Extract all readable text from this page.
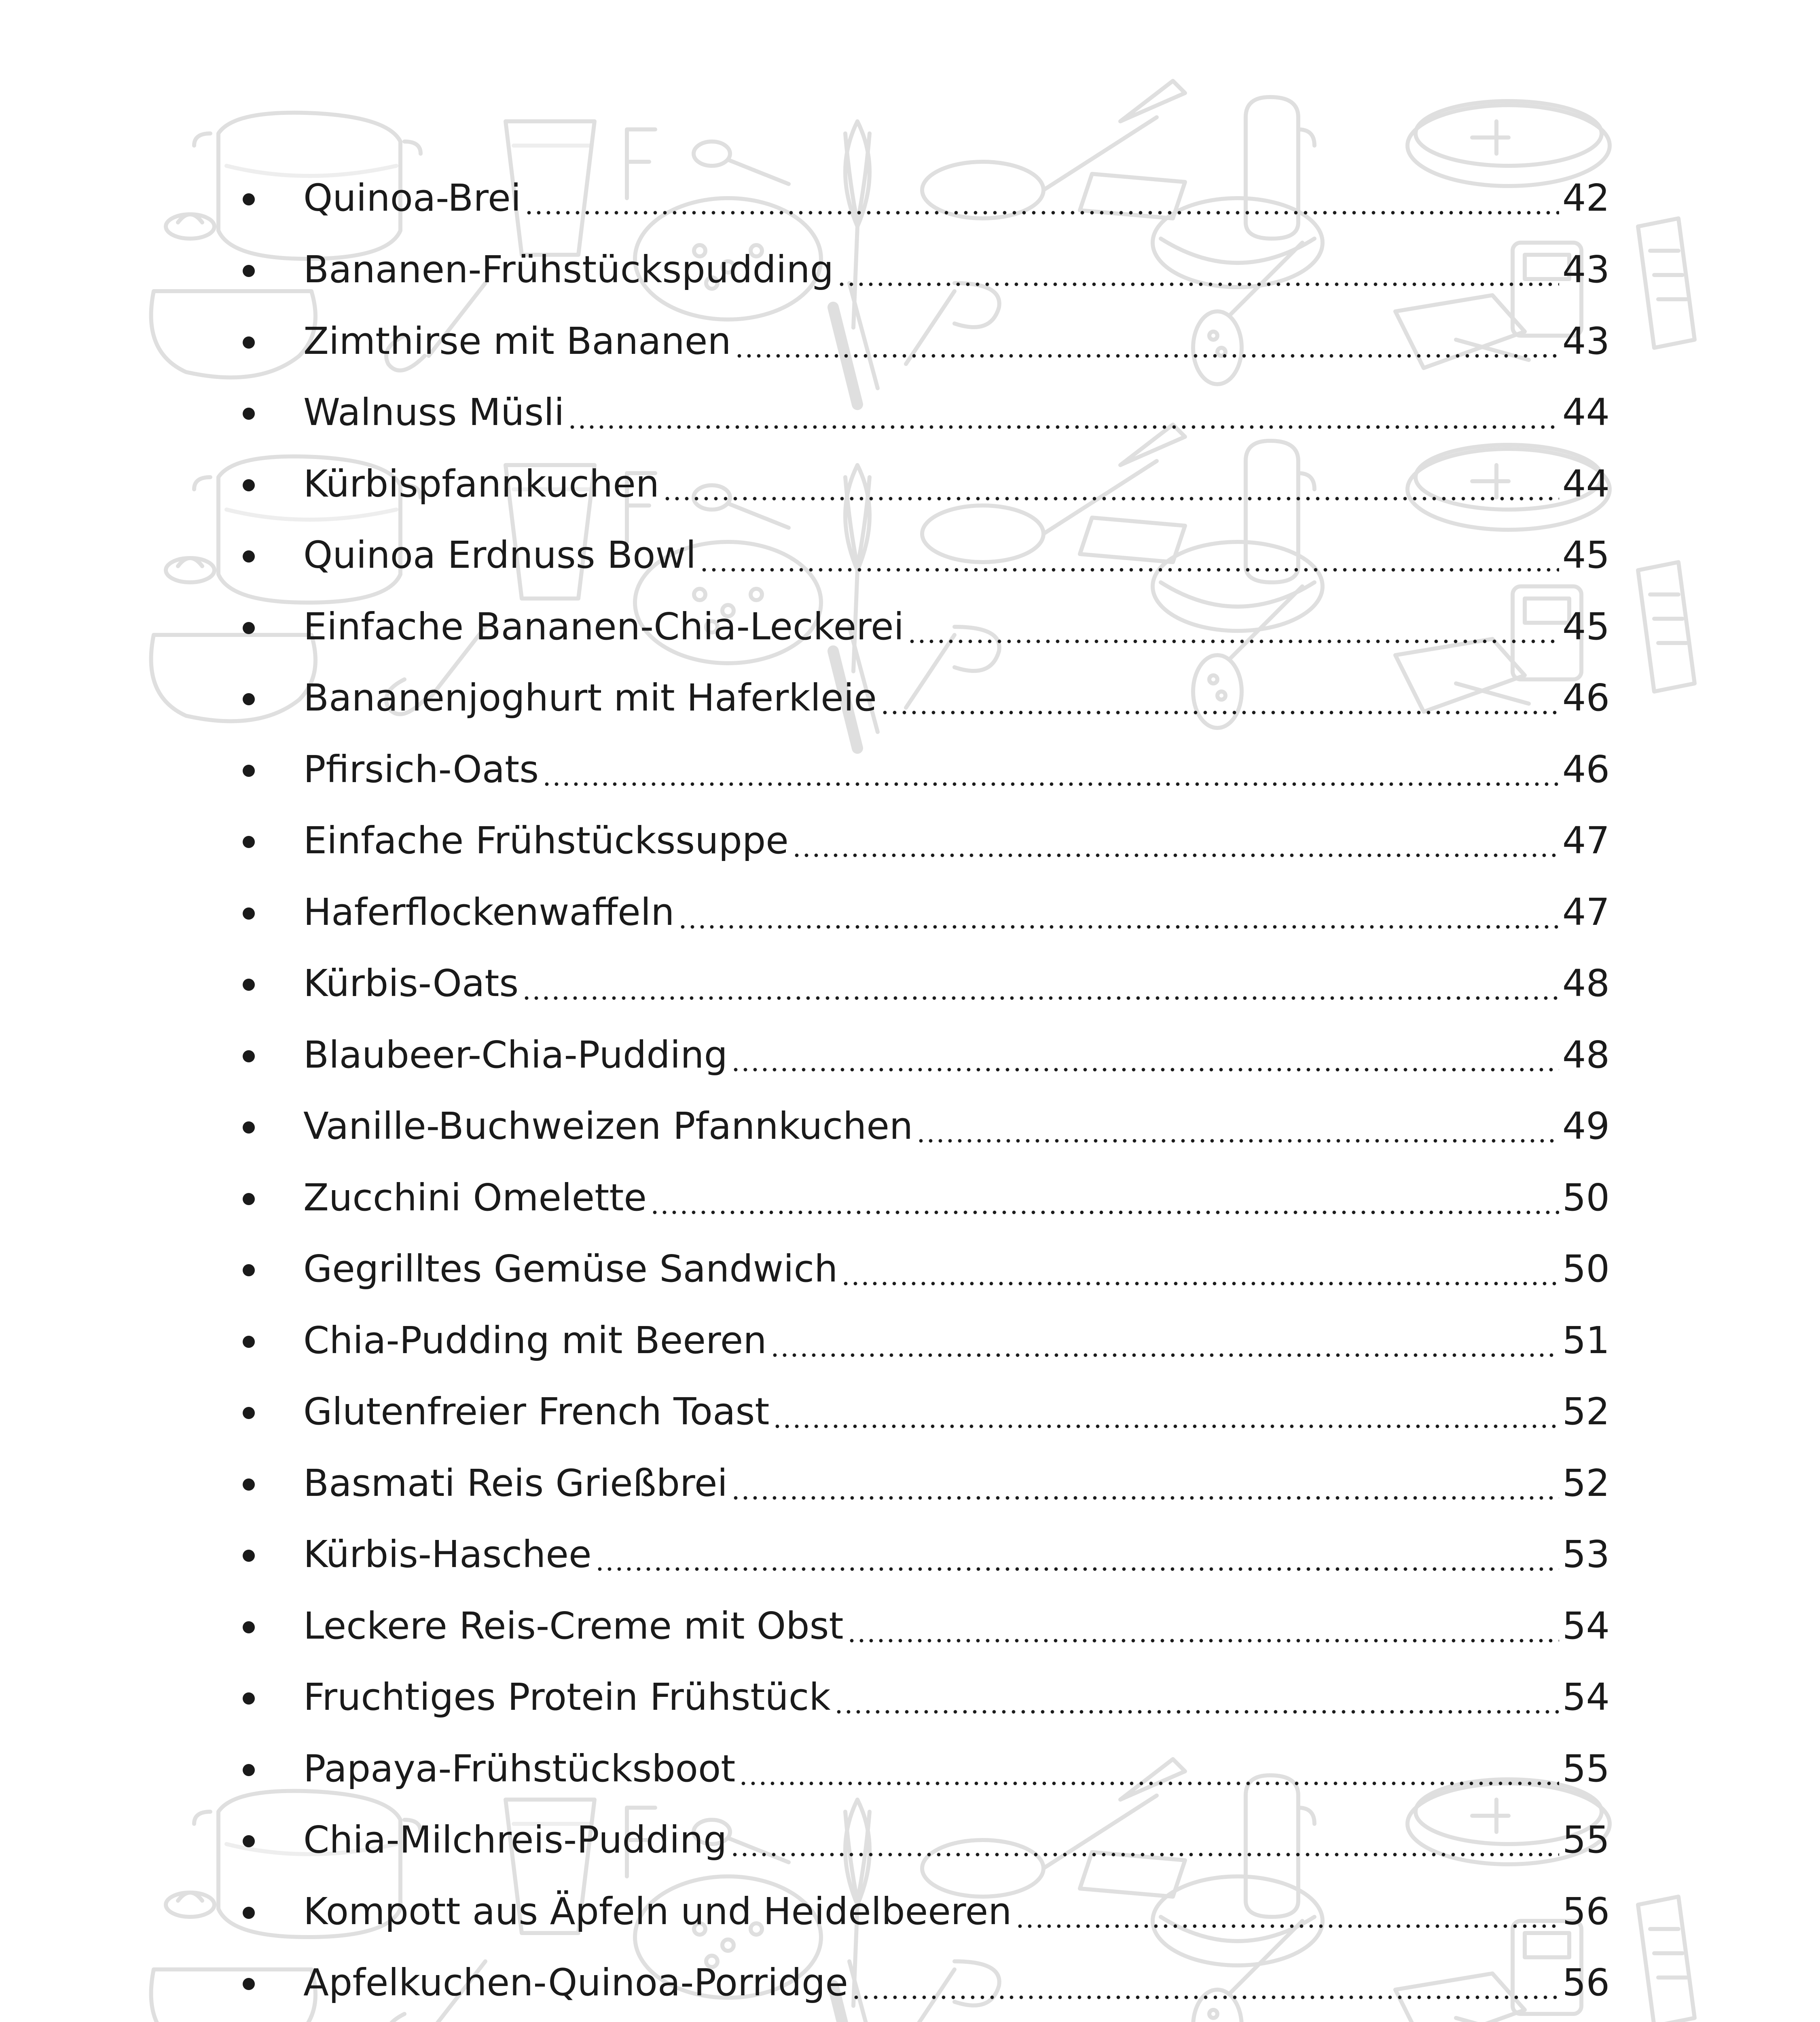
Quinoa-Brei	42
Bananen-Frühstückspudding	43
Zimthirse mit Bananen	43
Walnuss Müsli	44
Kürbispfannkuchen	44
Quinoa Erdnuss Bowl	45
Einfache Bananen-Chia-Leckerei	45
Bananenjoghurt mit Haferkleie	46
Pfirsich-Oats	46
Einfache Frühstückssuppe	47
Haferflockenwaffeln	47
Kürbis-Oats	48
Blaubeer-Chia-Pudding	48
Vanille-Buchweizen Pfannkuchen	49
Zucchini Omelette	50
Gegrilltes Gemüse Sandwich	50
Chia-Pudding mit Beeren	51
Glutenfreier French Toast	52
Basmati Reis Grießbrei	52
Kürbis-Haschee	53
Leckere Reis-Creme mit Obst	54
Fruchtiges Protein Frühstück	54
Papaya-Frühstücksboot	55
Chia-Milchreis-Pudding	55
Kompott aus Äpfeln und Heidelbeeren	56
Apfelkuchen-Quinoa-Porridge	56
